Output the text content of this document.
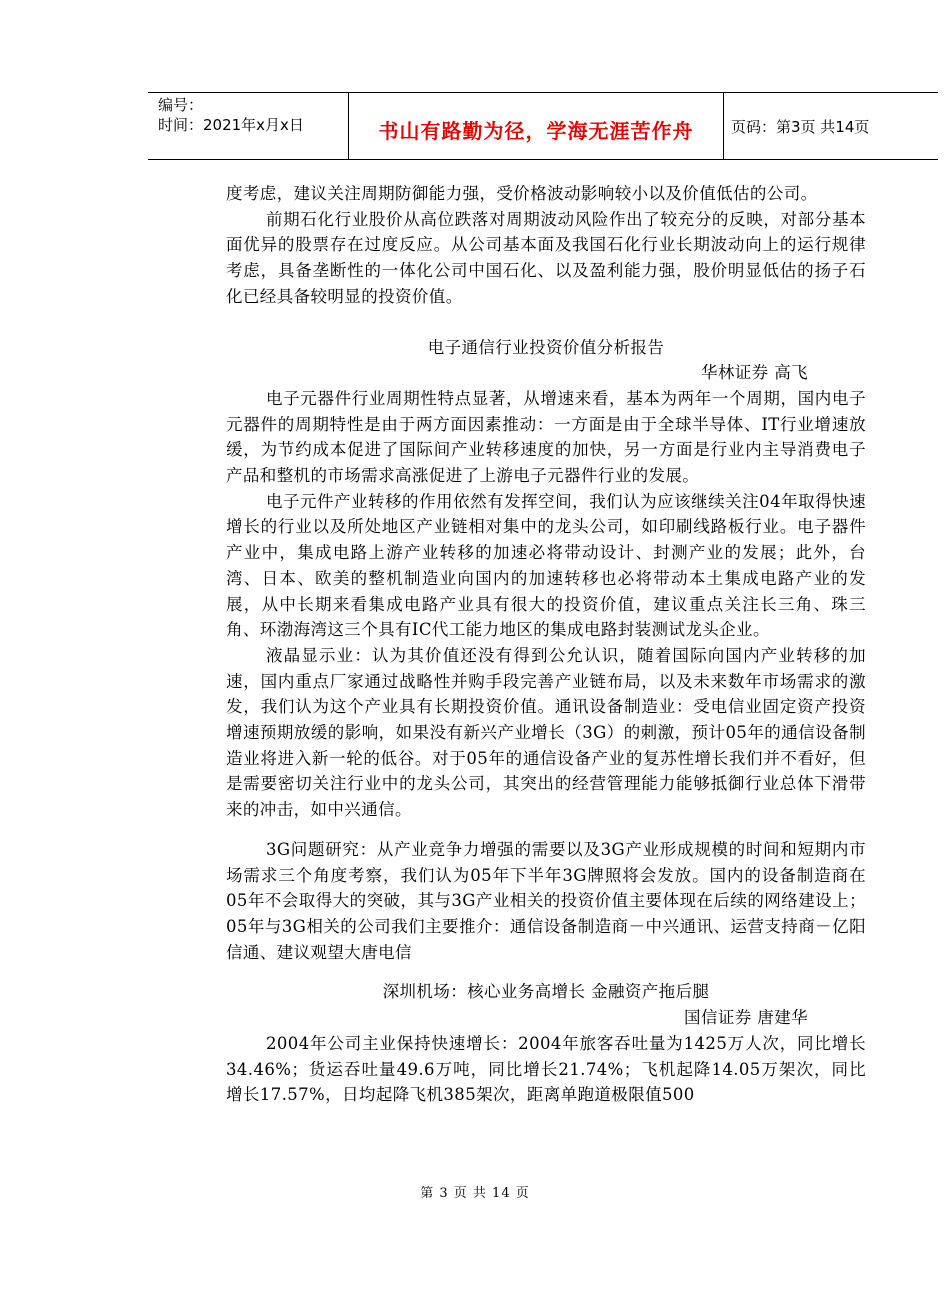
编号：
时间：2021年x月x日	书山有路勤为径，学海无涯苦作舟	页码：第3页 共14页

度考虑，建议关注周期防御能力强，受价格波动影响较小以及价值低估的公司。

前期石化行业股价从高位跌落对周期波动风险作出了较充分的反映，对部分基本面优异的股票存在过度反应。从公司基本面及我国石化行业长期波动向上的运行规律考虑，具备垄断性的一体化公司中国石化、以及盈利能力强，股价明显低估的扬子石化已经具备较明显的投资价值。

电子通信行业投资价值分析报告

华林证券 高飞

电子元器件行业周期性特点显著，从增速来看，基本为两年一个周期，国内电子元器件的周期特性是由于两方面因素推动：一方面是由于全球半导体、IT行业增速放缓，为节约成本促进了国际间产业转移速度的加快，另一方面是行业内主导消费电子产品和整机的市场需求高涨促进了上游电子元器件行业的发展。

电子元件产业转移的作用依然有发挥空间，我们认为应该继续关注04年取得快速增长的行业以及所处地区产业链相对集中的龙头公司，如印刷线路板行业。电子器件产业中，集成电路上游产业转移的加速必将带动设计、封测产业的发展；此外，台湾、日本、欧美的整机制造业向国内的加速转移也必将带动本土集成电路产业的发展，从中长期来看集成电路产业具有很大的投资价值，建议重点关注长三角、珠三角、环渤海湾这三个具有IC代工能力地区的集成电路封装测试龙头企业。

液晶显示业：认为其价值还没有得到公允认识，随着国际向国内产业转移的加速，国内重点厂家通过战略性并购手段完善产业链布局，以及未来数年市场需求的激发，我们认为这个产业具有长期投资价值。通讯设备制造业：受电信业固定资产投资增速预期放缓的影响，如果没有新兴产业增长（3G）的刺激，预计05年的通信设备制造业将进入新一轮的低谷。对于05年的通信设备产业的复苏性增长我们并不看好，但是需要密切关注行业中的龙头公司，其突出的经营管理能力能够抵御行业总体下滑带来的冲击，如中兴通信。

3G问题研究：从产业竞争力增强的需要以及3G产业形成规模的时间和短期内市场需求三个角度考察，我们认为05年下半年3G牌照将会发放。国内的设备制造商在05年不会取得大的突破，其与3G产业相关的投资价值主要体现在后续的网络建设上；05年与3G相关的公司我们主要推介：通信设备制造商－中兴通讯、运营支持商－亿阳信通、建议观望大唐电信

深圳机场：核心业务高增长 金融资产拖后腿

国信证券 唐建华

2004年公司主业保持快速增长：2004年旅客吞吐量为1425万人次，同比增长34.46%；货运吞吐量49.6万吨，同比增长21.74%；飞机起降14.05万架次，同比增长17.57%，日均起降飞机385架次，距离单跑道极限值500

第 3 页 共 14 页
